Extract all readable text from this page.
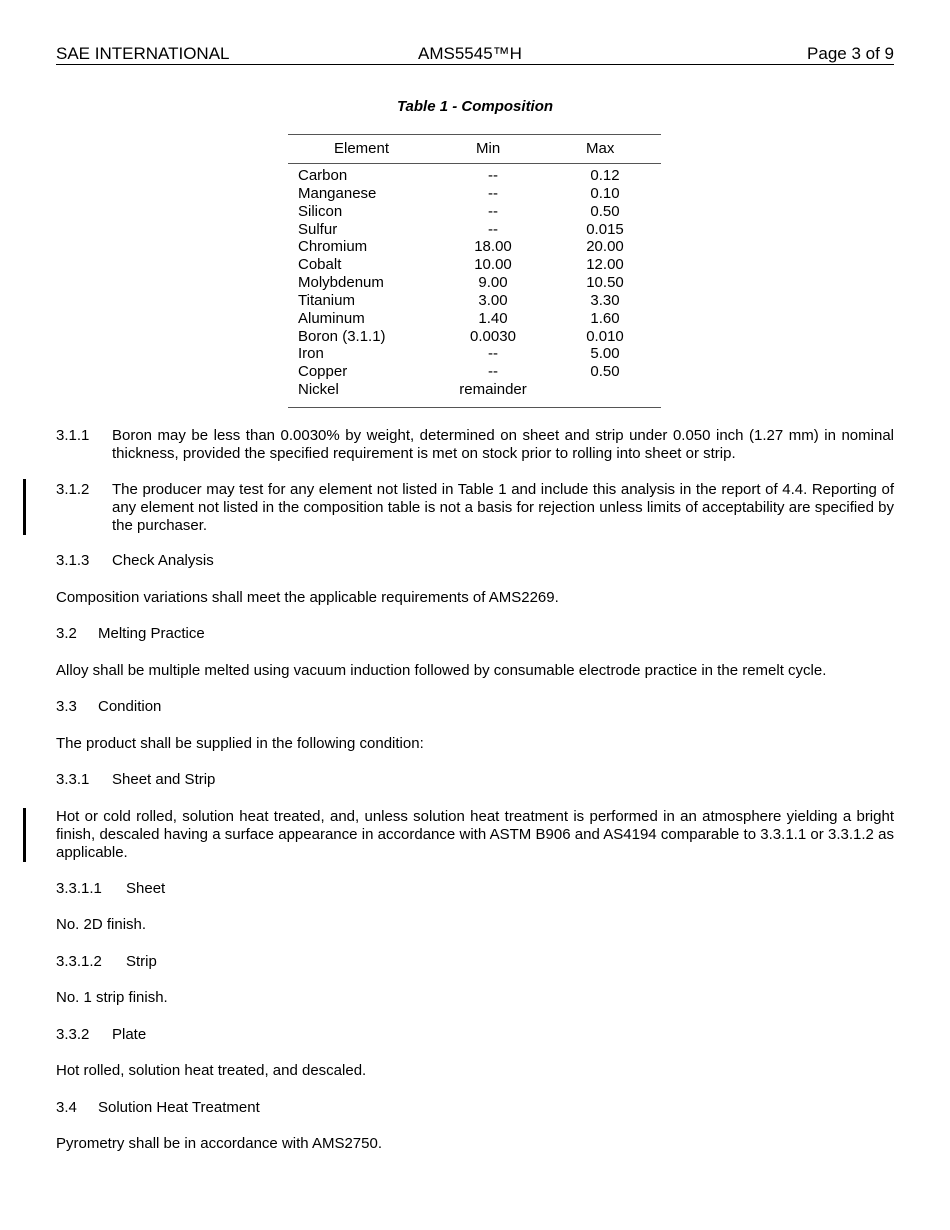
SAE INTERNATIONAL	AMS5545™H	Page 3 of 9
Table 1 - Composition
Element	Min	Max
Carbon	--	0.12
Manganese	--	0.10
Silicon	--	0.50
Sulfur	--	0.015
Chromium	18.00	20.00
Cobalt	10.00	12.00
Molybdenum	9.00	10.50
Titanium	3.00	3.30
Aluminum	1.40	1.60
Boron (3.1.1)	0.0030	0.010
Iron	--	5.00
Copper	--	0.50
Nickel	remainder
3.1.1 Boron may be less than 0.0030% by weight, determined on sheet and strip under 0.050 inch (1.27 mm) in nominal thickness, provided the specified requirement is met on stock prior to rolling into sheet or strip.
3.1.2 The producer may test for any element not listed in Table 1 and include this analysis in the report of 4.4. Reporting of any element not listed in the composition table is not a basis for rejection unless limits of acceptability are specified by the purchaser.
3.1.3 Check Analysis
Composition variations shall meet the applicable requirements of AMS2269.
3.2 Melting Practice
Alloy shall be multiple melted using vacuum induction followed by consumable electrode practice in the remelt cycle.
3.3 Condition
The product shall be supplied in the following condition:
3.3.1 Sheet and Strip
Hot or cold rolled, solution heat treated, and, unless solution heat treatment is performed in an atmosphere yielding a bright finish, descaled having a surface appearance in accordance with ASTM B906 and AS4194 comparable to 3.3.1.1 or 3.3.1.2 as applicable.
3.3.1.1 Sheet
No. 2D finish.
3.3.1.2 Strip
No. 1 strip finish.
3.3.2 Plate
Hot rolled, solution heat treated, and descaled.
3.4 Solution Heat Treatment
Pyrometry shall be in accordance with AMS2750.
